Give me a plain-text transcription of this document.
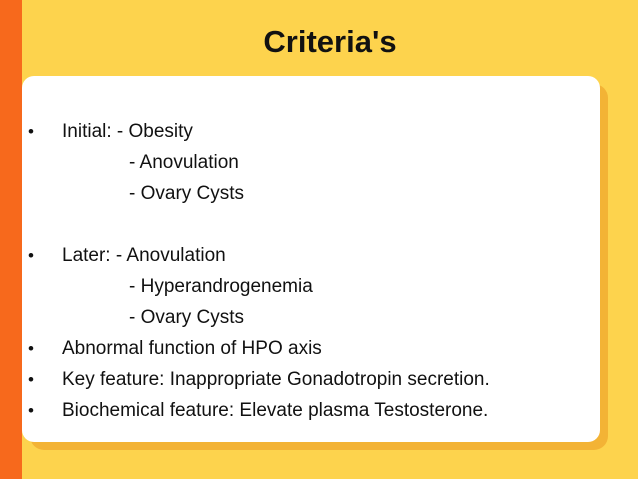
Criteria's
•	Initial: - Obesity
- Anovulation
- Ovary Cysts
•	Later: - Anovulation
- Hyperandrogenemia
- Ovary Cysts
•	Abnormal function of HPO axis
•	Key feature: Inappropriate Gonadotropin secretion.
•	Biochemical feature: Elevate plasma Testosterone.
